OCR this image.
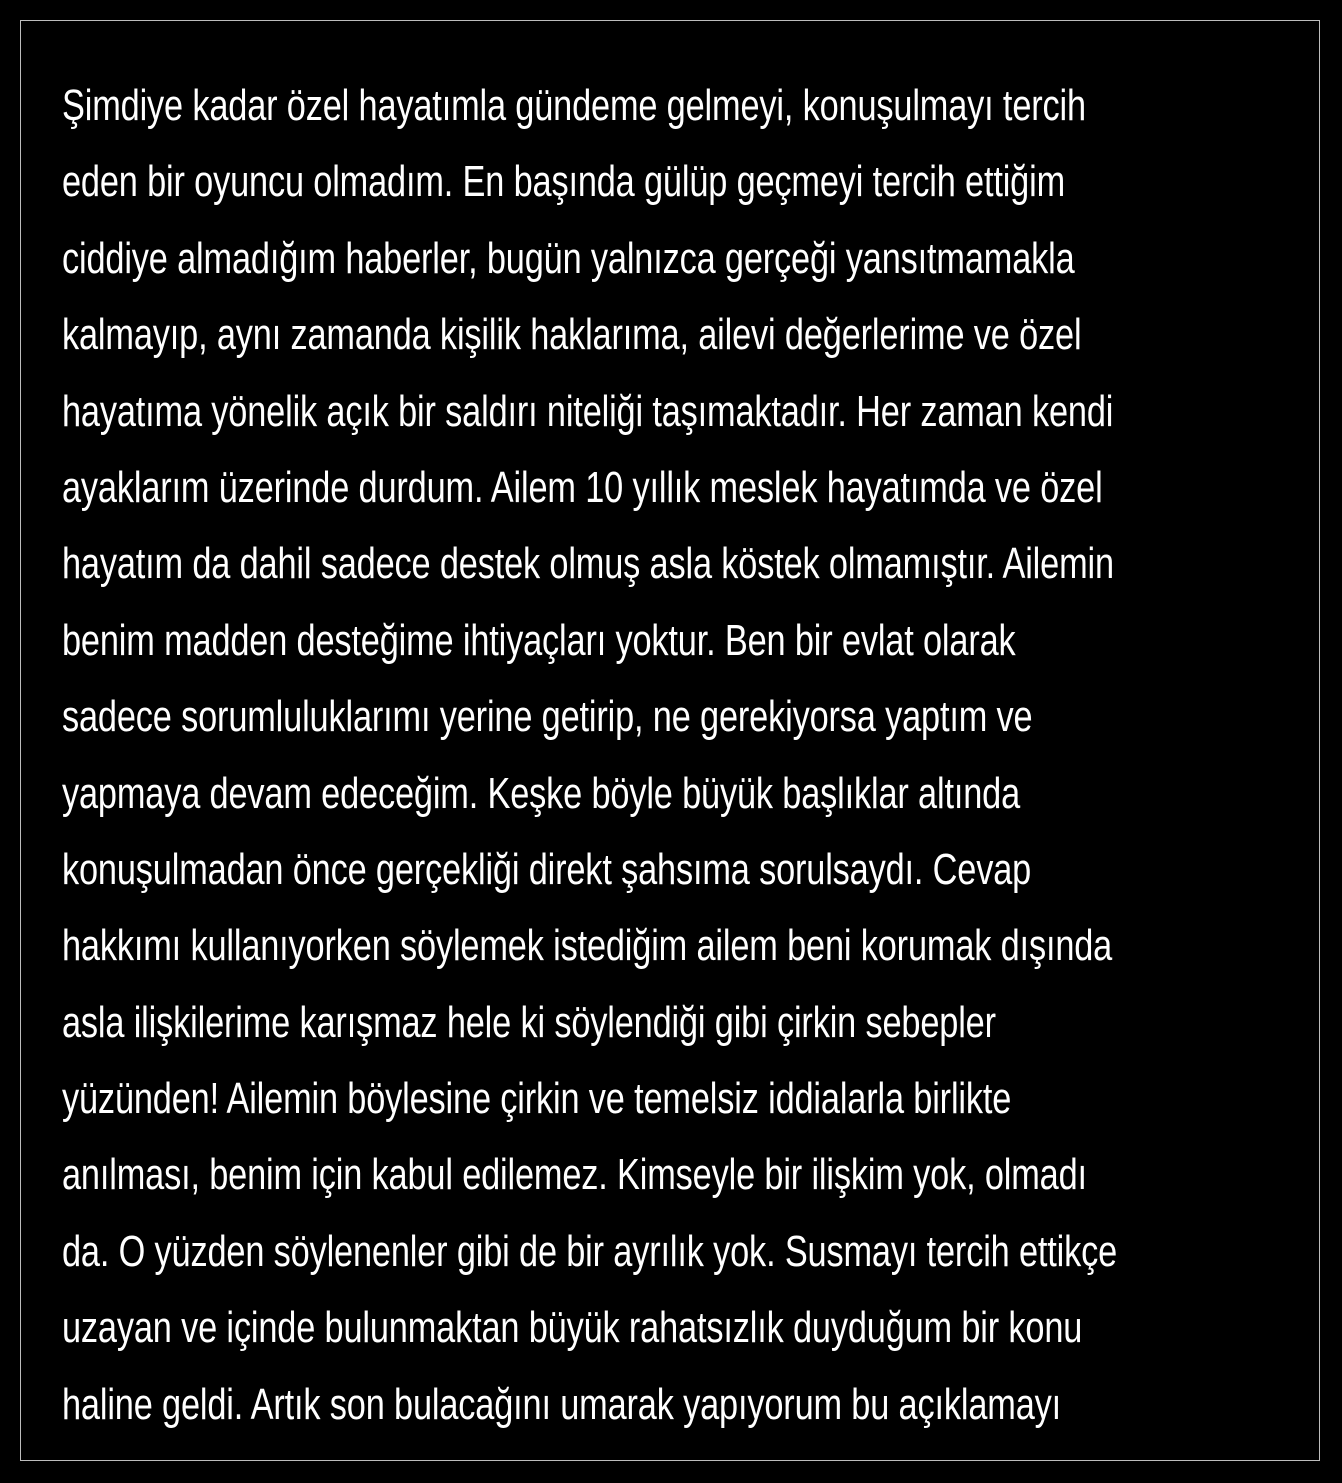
Şimdiye kadar özel hayatımla gündeme gelmeyi, konuşulmayı tercih
eden bir oyuncu olmadım. En başında gülüp geçmeyi tercih ettiğim
ciddiye almadığım haberler, bugün yalnızca gerçeği yansıtmamakla
kalmayıp, aynı zamanda kişilik haklarıma, ailevi değerlerime ve özel
hayatıma yönelik açık bir saldırı niteliği taşımaktadır. Her zaman kendi
ayaklarım üzerinde durdum. Ailem 10 yıllık meslek hayatımda ve özel
hayatım da dahil sadece destek olmuş asla köstek olmamıştır. Ailemin
benim madden desteğime ihtiyaçları yoktur. Ben bir evlat olarak
sadece sorumluluklarımı yerine getirip, ne gerekiyorsa yaptım ve
yapmaya devam edeceğim. Keşke böyle büyük başlıklar altında
konuşulmadan önce gerçekliği direkt şahsıma sorulsaydı. Cevap
hakkımı kullanıyorken söylemek istediğim ailem beni korumak dışında
asla ilişkilerime karışmaz hele ki söylendiği gibi çirkin sebepler
yüzünden! Ailemin böylesine çirkin ve temelsiz iddialarla birlikte
anılması, benim için kabul edilemez. Kimseyle bir ilişkim yok, olmadı
da. O yüzden söylenenler gibi de bir ayrılık yok. Susmayı tercih ettikçe
uzayan ve içinde bulunmaktan büyük rahatsızlık duyduğum bir konu
haline geldi. Artık son bulacağını umarak yapıyorum bu açıklamayı
